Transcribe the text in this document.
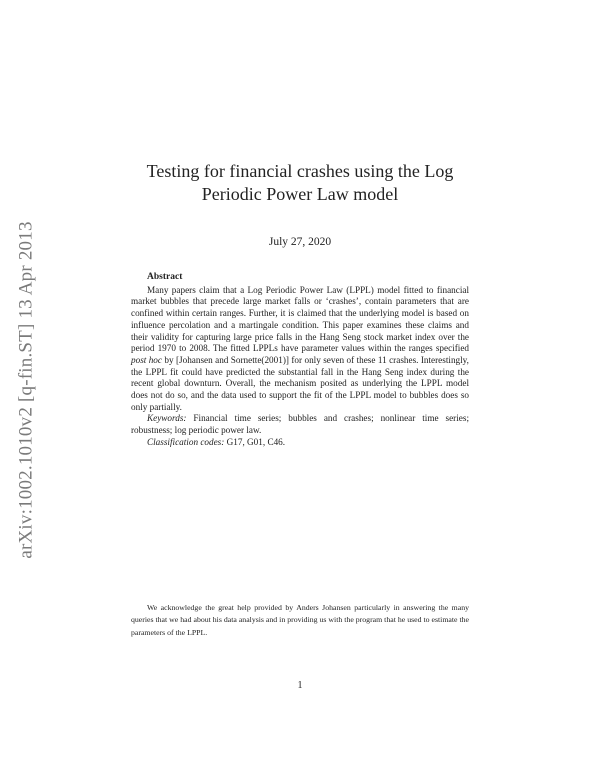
arXiv:1002.1010v2 [q-fin.ST] 13 Apr 2013
Testing for financial crashes using the Log
Periodic Power Law model
July 27, 2020
Abstract

Many papers claim that a Log Periodic Power Law (LPPL) model fitted to financial market bubbles that precede large market falls or ‘crashes’, contain parameters that are confined within certain ranges. Further, it is claimed that the underlying model is based on influence percolation and a martingale condition. This paper examines these claims and their validity for capturing large price falls in the Hang Seng stock market index over the period 1970 to 2008. The fitted LPPLs have parameter values within the ranges specified post hoc by [Johansen and Sornette(2001)] for only seven of these 11 crashes. Interestingly, the LPPL fit could have predicted the substantial fall in the Hang Seng index during the recent global downturn. Overall, the mechanism posited as underlying the LPPL model does not do so, and the data used to support the fit of the LPPL model to bubbles does so only partially.

Keywords: Financial time series; bubbles and crashes; nonlinear time series; robustness; log periodic power law.

Classification codes: G17, G01, C46.

We acknowledge the great help provided by Anders Johansen particularly in answering the many queries that we had about his data analysis and in providing us with the program that he used to estimate the parameters of the LPPL.
1
